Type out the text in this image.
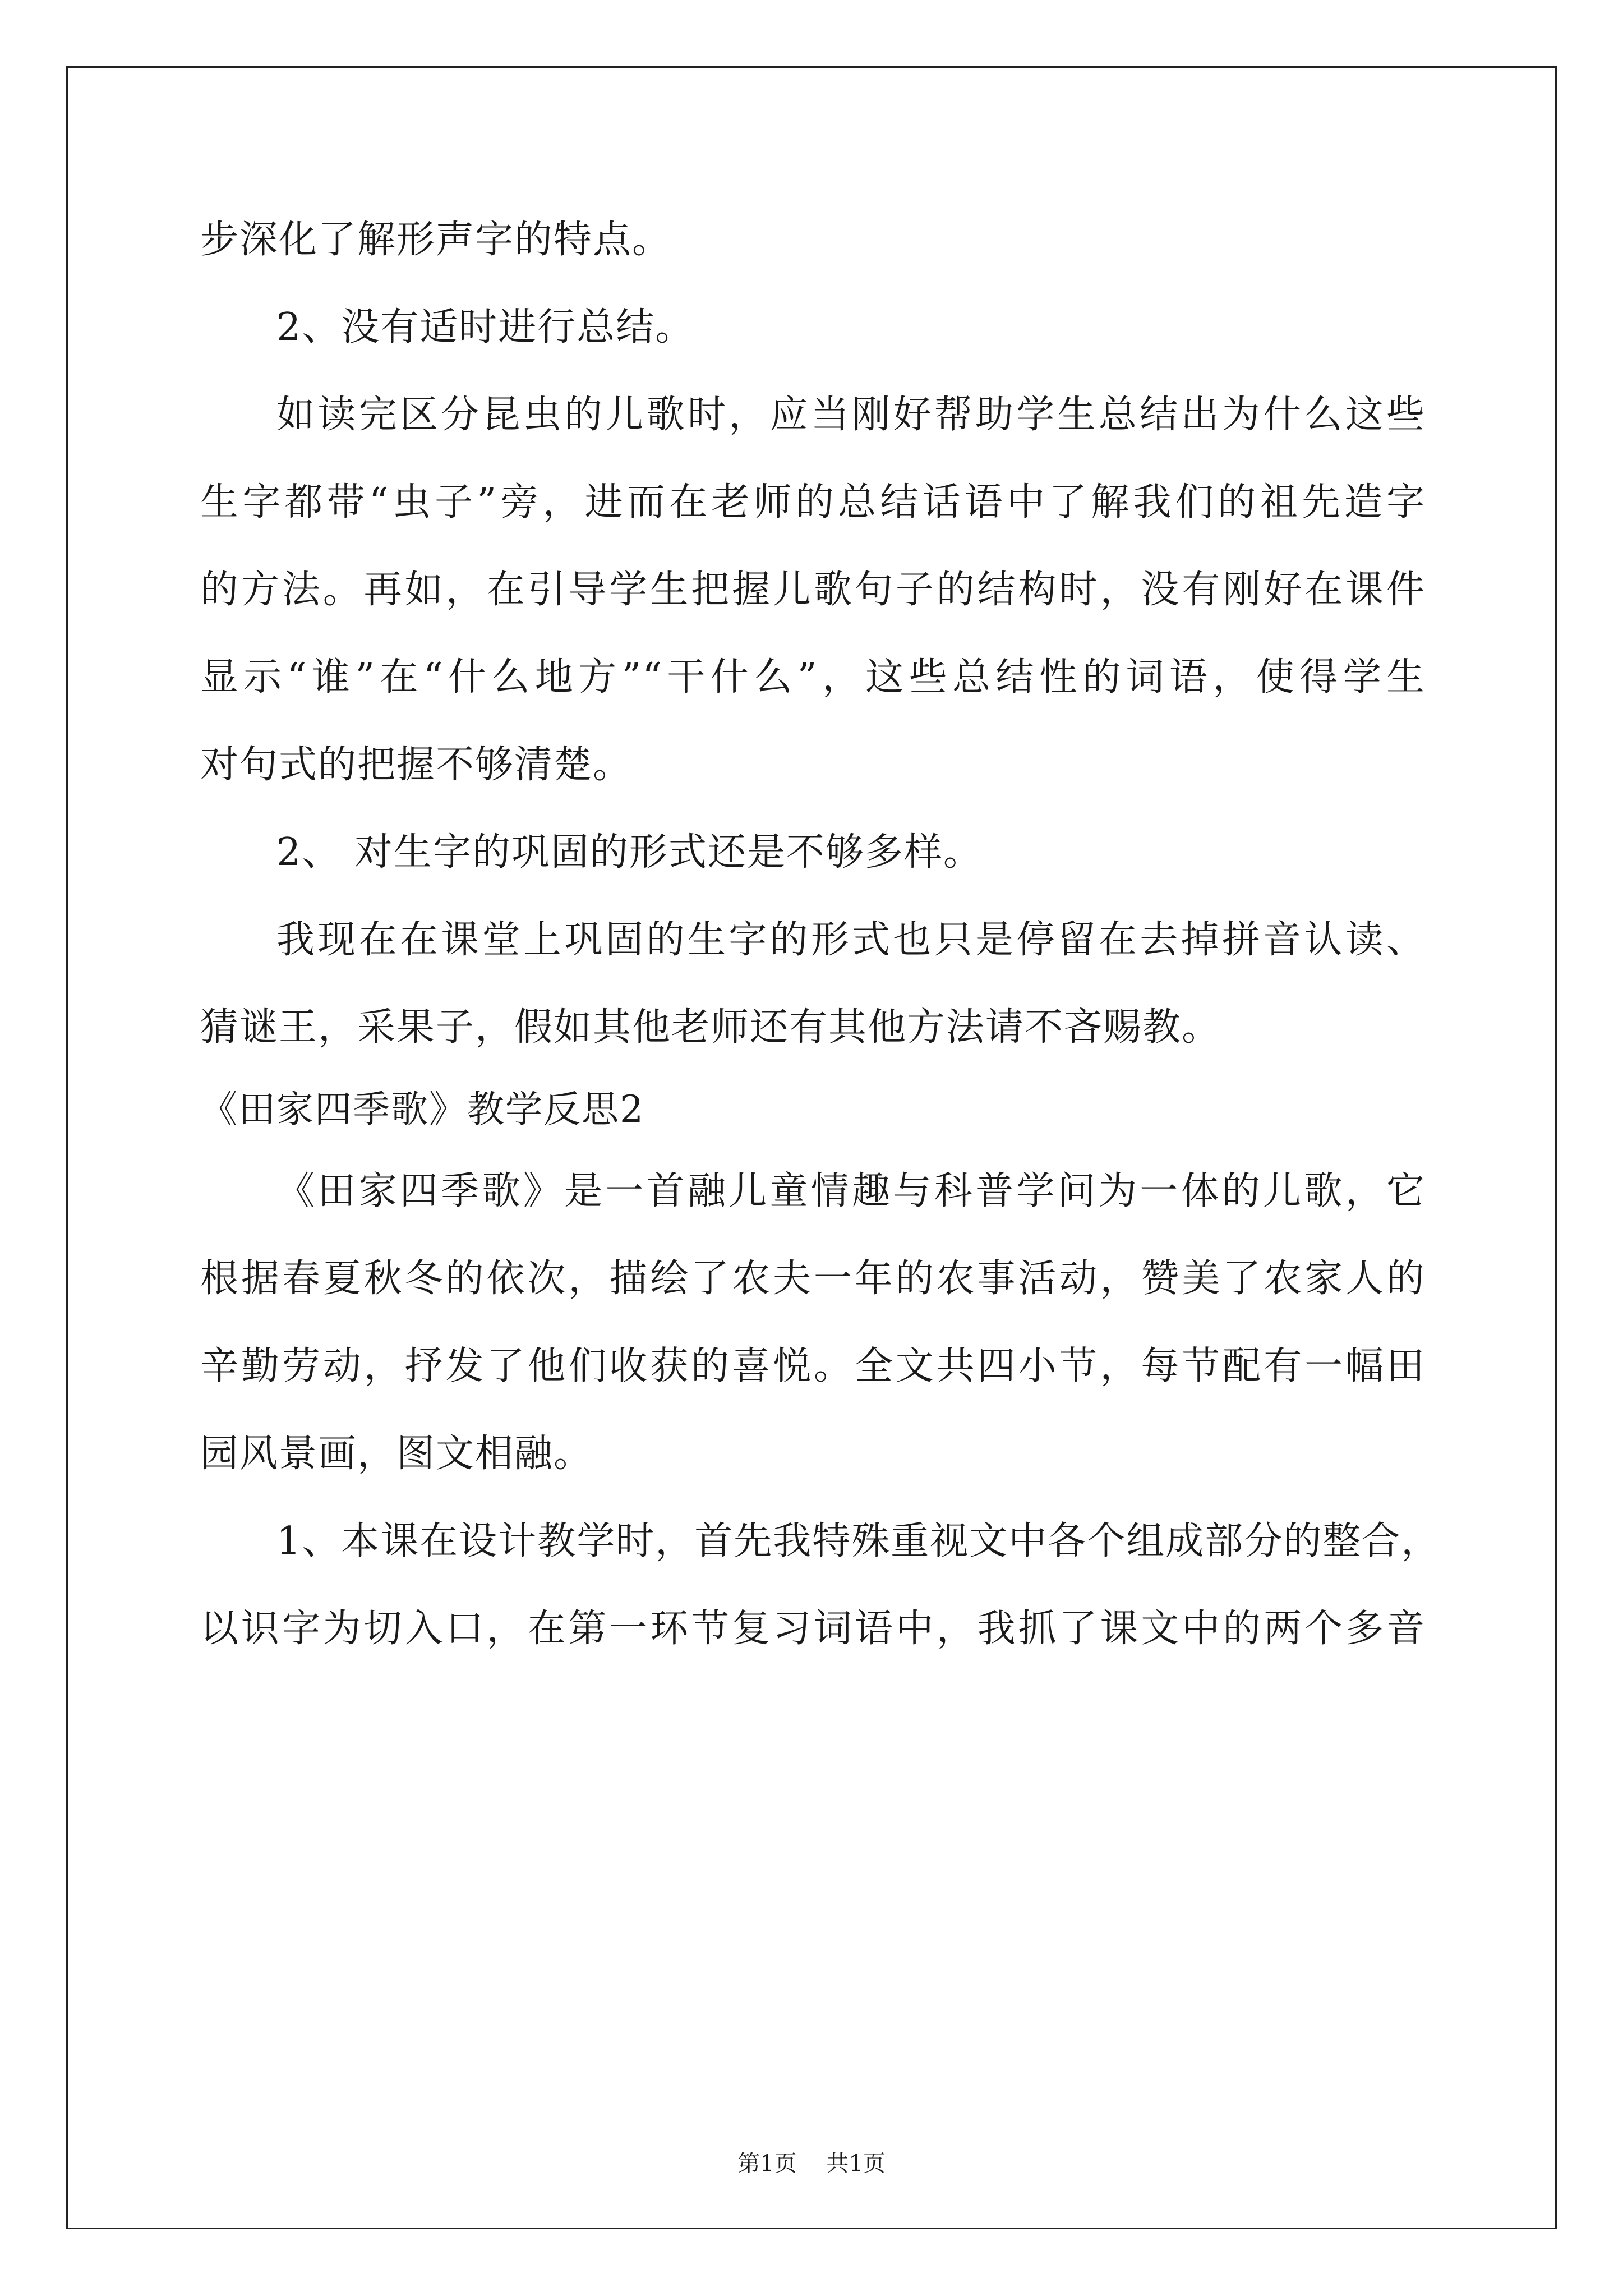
步深化了解形声字的特点。
2、没有适时进行总结。
如读完区分昆虫的儿歌时，应当刚好帮助学生总结出为什么这些
生字都带“虫子”旁，进而在老师的总结话语中了解我们的祖先造字
的方法。再如，在引导学生把握儿歌句子的结构时，没有刚好在课件
显示“谁”在“什么地方”“干什么”，这些总结性的词语，使得学生
对句式的把握不够清楚。
2、 对生字的巩固的形式还是不够多样。
我现在在课堂上巩固的生字的形式也只是停留在去掉拼音认读、
猜谜王，采果子，假如其他老师还有其他方法请不吝赐教。
《田家四季歌》教学反思2
《田家四季歌》是一首融儿童情趣与科普学问为一体的儿歌，它
根据春夏秋冬的依次，描绘了农夫一年的农事活动，赞美了农家人的
辛勤劳动，抒发了他们收获的喜悦。全文共四小节，每节配有一幅田
园风景画，图文相融。
1、本课在设计教学时，首先我特殊重视文中各个组成部分的整合，
以识字为切入口，在第一环节复习词语中，我抓了课文中的两个多音
第1页 共1页
